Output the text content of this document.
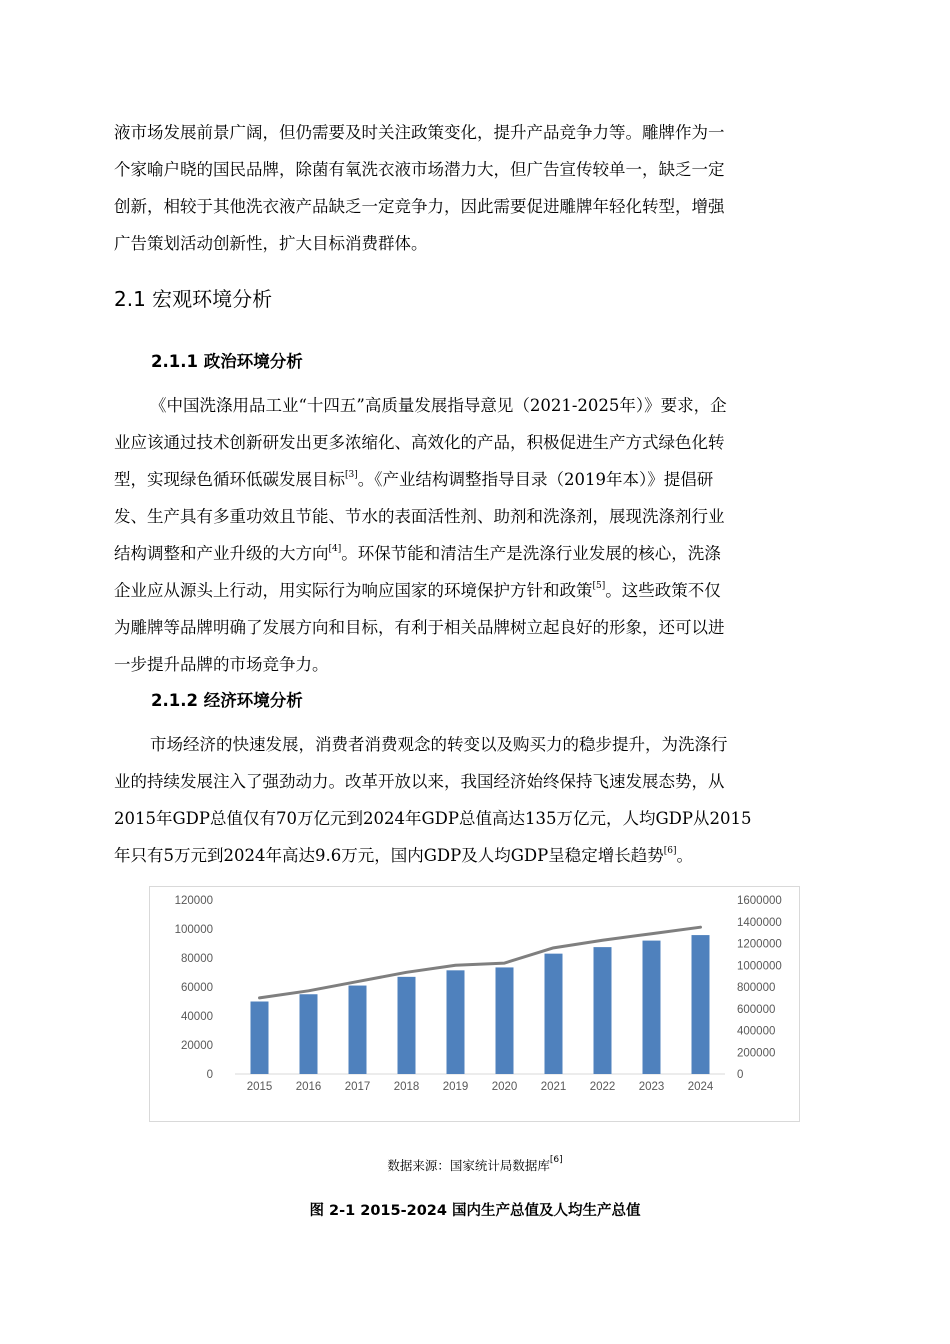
液市场发展前景广阔，但仍需要及时关注政策变化，提升产品竞争力等。雕牌作为一
个家喻户晓的国民品牌，除菌有氧洗衣液市场潜力大，但广告宣传较单一，缺乏一定
创新，相较于其他洗衣液产品缺乏一定竞争力，因此需要促进雕牌年轻化转型，增强
广告策划活动创新性，扩大目标消费群体。
2.1 宏观环境分析
2.1.1 政治环境分析
《中国洗涤用品工业“十四五”高质量发展指导意见（2021-2025年）》要求，企
业应该通过技术创新研发出更多浓缩化、高效化的产品，积极促进生产方式绿色化转
型，实现绿色循环低碳发展目标[3]。《产业结构调整指导目录（2019年本）》提倡研
发、生产具有多重功效且节能、节水的表面活性剂、助剂和洗涤剂，展现洗涤剂行业
结构调整和产业升级的大方向[4]。环保节能和清洁生产是洗涤行业发展的核心，洗涤
企业应从源头上行动，用实际行为响应国家的环境保护方针和政策[5]。这些政策不仅
为雕牌等品牌明确了发展方向和目标，有利于相关品牌树立起良好的形象，还可以进
一步提升品牌的市场竞争力。
2.1.2 经济环境分析
市场经济的快速发展，消费者消费观念的转变以及购买力的稳步提升，为洗涤行
业的持续发展注入了强劲动力。改革开放以来，我国经济始终保持飞速发展态势，从
2015年GDP总值仅有70万亿元到2024年GDP总值高达135万亿元，人均GDP从2015
年只有5万元到2024年高达9.6万元，国内GDP及人均GDP呈稳定增长趋势[6]。
0
20000
40000
60000
80000
100000
120000
0
200000
400000
600000
800000
1000000
1200000
1400000
1600000
2015 2016 2017 2018 2019 2020 2021 2022 2023 2024
数据来源：国家统计局数据库[6]
图 2-1 2015-2024 国内生产总值及人均生产总值
